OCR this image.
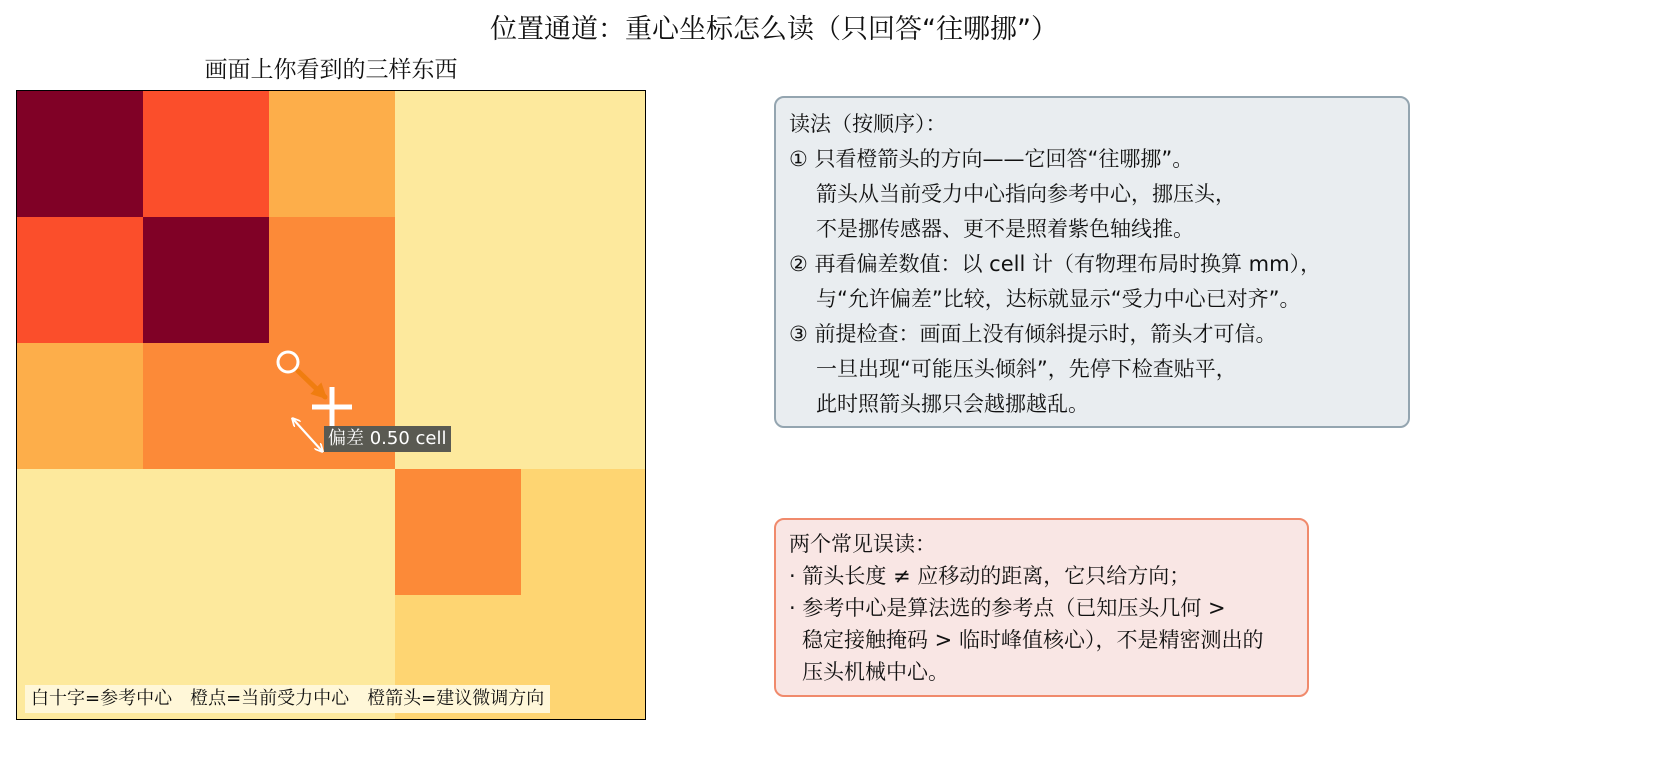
位置通道：重心坐标怎么读（只回答“往哪挪”）
画面上你看到的三样东西
偏差 0.50 cell
白十字=参考中心 橙点=当前受力中心 橙箭头=建议微调方向
读法（按顺序）：
① 只看橙箭头的方向——它回答“往哪挪”。
箭头从当前受力中心指向参考中心，挪压头，
不是挪传感器、更不是照着紫色轴线推。
② 再看偏差数值：以 cell 计（有物理布局时换算 mm），
与“允许偏差”比较，达标就显示“受力中心已对齐”。
③ 前提检查：画面上没有倾斜提示时，箭头才可信。
一旦出现“可能压头倾斜”，先停下检查贴平，
此时照箭头挪只会越挪越乱。
两个常见误读：
· 箭头长度 ≠ 应移动的距离，它只给方向；
· 参考中心是算法选的参考点（已知压头几何 >
稳定接触掩码 > 临时峰值核心），不是精密测出的
压头机械中心。
